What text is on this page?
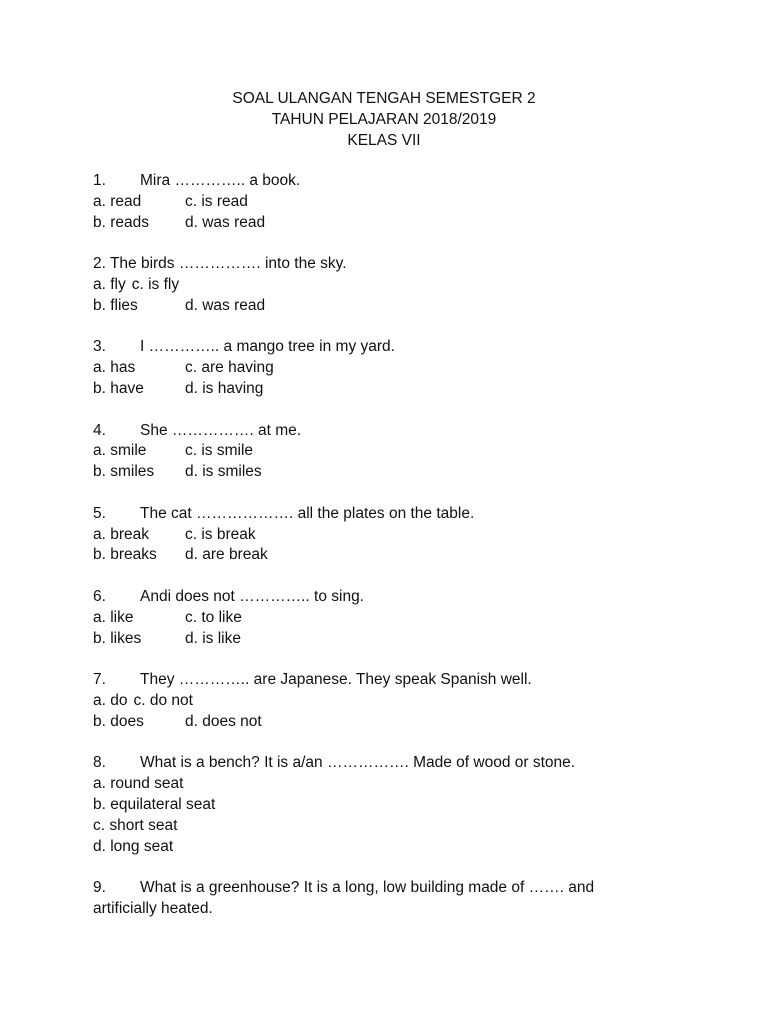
SOAL ULANGAN TENGAH SEMESTGER 2
TAHUN PELAJARAN 2018/2019
KELAS VII
1. Mira ………….. a book.
a. read	c. is read
b. reads d. was read
2. The birds ……………. into the sky.
a. fly c. is fly
b. flies	d. was read
3. I ………….. a mango tree in my yard.
a. has	c. are having
b. have	d. is having
4. She ……………. at me.
a. smile c. is smile
b. smiles d. is smiles
5. The cat ………………. all the plates on the table.
a. break c. is break
b. breaks d. are break
6. Andi does not ………….. to sing.
a. like	c. to like
b. likes	d. is like
7. They ………….. are Japanese. They speak Spanish well.
a. do c. do not
b. does	d. does not
8. What is a bench? It is a/an ……………. Made of wood or stone.
a. round seat
b. equilateral seat
c. short seat
d. long seat
9. What is a greenhouse? It is a long, low building made of ……. and
artificially heated.
